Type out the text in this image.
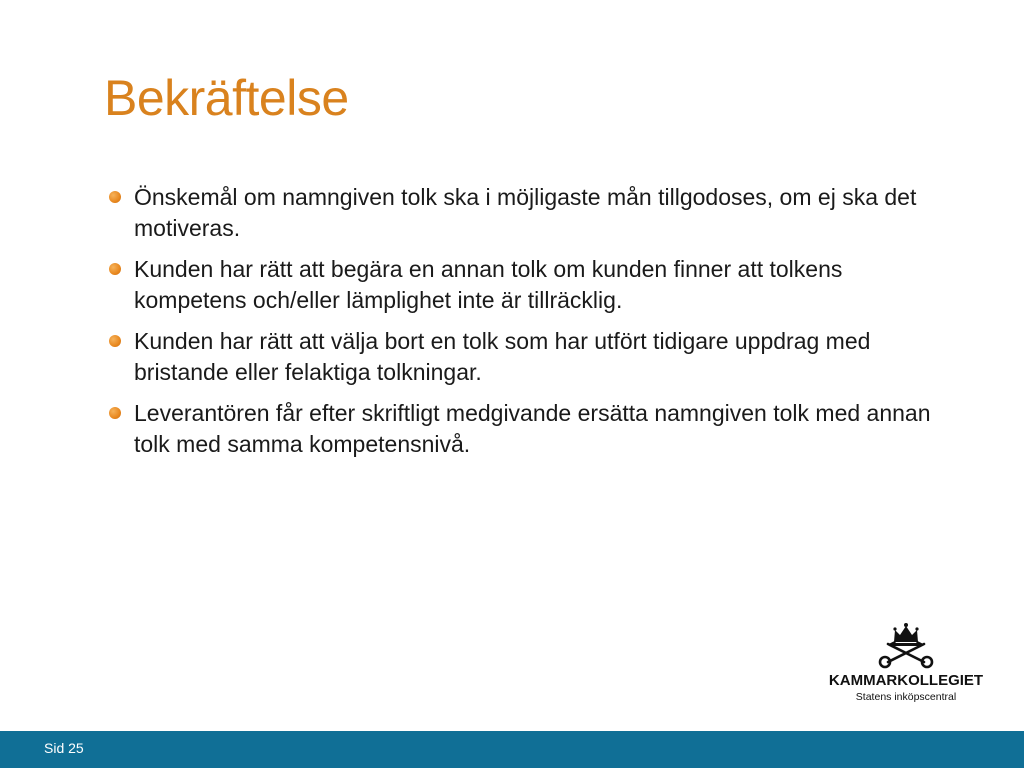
Bekräftelse
Önskemål om namngiven tolk ska i möjligaste mån tillgodoses, om ej ska det motiveras.
Kunden har rätt att begära en annan tolk om kunden finner att tolkens kompetens och/eller lämplighet inte är tillräcklig.
Kunden har rätt att välja bort en tolk som har utfört tidigare uppdrag med bristande eller felaktiga tolkningar.
Leverantören får efter skriftligt medgivande ersätta namngiven tolk med annan tolk med samma kompetensnivå.
KAMMARKOLLEGIET
Statens inköpscentral
Sid 25
